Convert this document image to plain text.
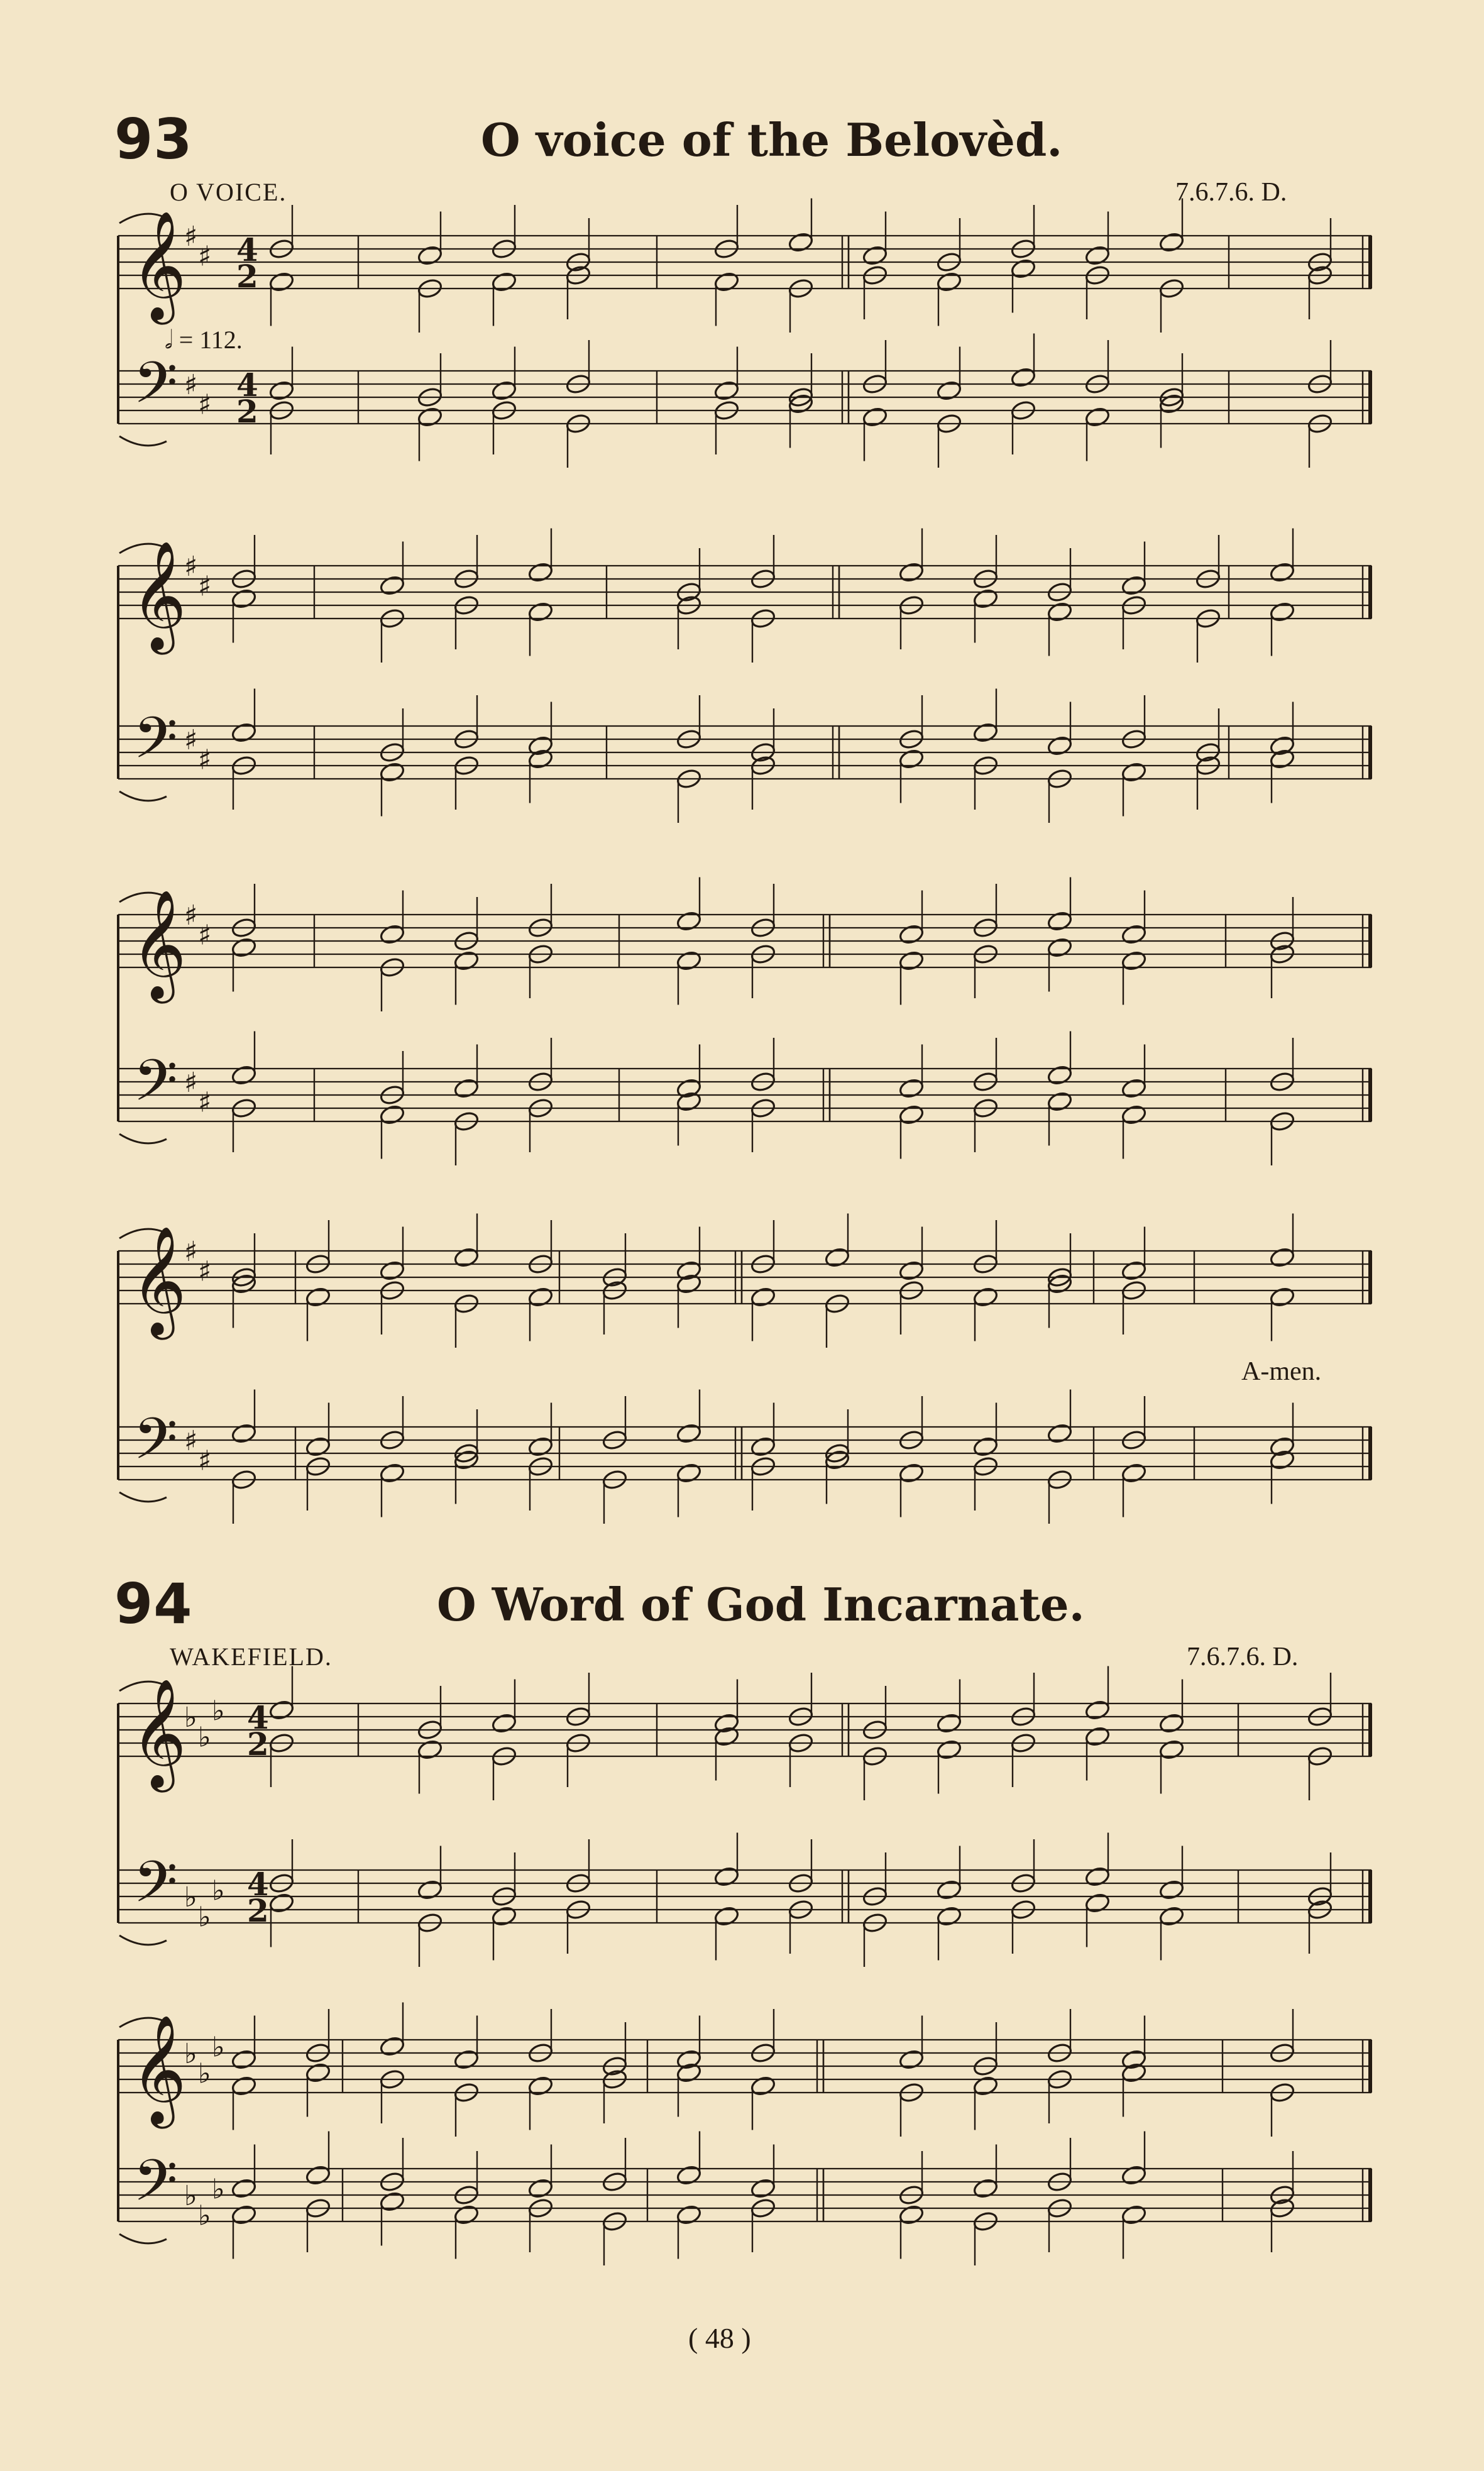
93	O voice of the Belovèd.
O VOICE.	7.6.7.6. D.
𝅗𝅥 = 112.
A-men.
94	O Word of God Incarnate.
WAKEFIELD.	7.6.7.6. D.
( 48 )
𝄞
𝄢
♯
♯
♯
♯
4
2
4
2
𝄞
𝄢
♯
♯
♯
♯
𝄞
𝄢
♯
♯
♯
♯
𝄞
𝄢
♯
♯
♯
♯
𝄞
𝄢
♭
♭
♭
♭
♭
♭
4
2
4
2
𝄞
𝄢
♭
♭
♭
♭
♭
♭
